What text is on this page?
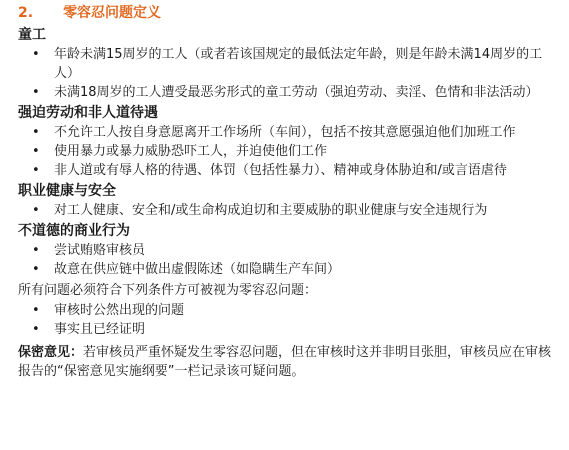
2. 零容忍问题定义
童工
• 年龄未满15周岁的工人（或者若该国规定的最低法定年龄，则是年龄未满14周岁的工人）
• 未满18周岁的工人遭受最恶劣形式的童工劳动（强迫劳动、卖淫、色情和非法活动）
强迫劳动和非人道待遇
• 不允许工人按自身意愿离开工作场所（车间），包括不按其意愿强迫他们加班工作
• 使用暴力或暴力威胁恐吓工人，并迫使他们工作
• 非人道或有辱人格的待遇、体罚（包括性暴力）、精神或身体胁迫和/或言语虐待
职业健康与安全
• 对工人健康、安全和/或生命构成迫切和主要威胁的职业健康与安全违规行为
不道德的商业行为
• 尝试贿赂审核员
• 故意在供应链中做出虚假陈述（如隐瞒生产车间）
所有问题必须符合下列条件方可被视为零容忍问题：
• 审核时公然出现的问题
• 事实且已经证明
保密意见：若审核员严重怀疑发生零容忍问题，但在审核时这并非明目张胆，审核员应在审核报告的“保密意见实施纲要”一栏记录该可疑问题。
